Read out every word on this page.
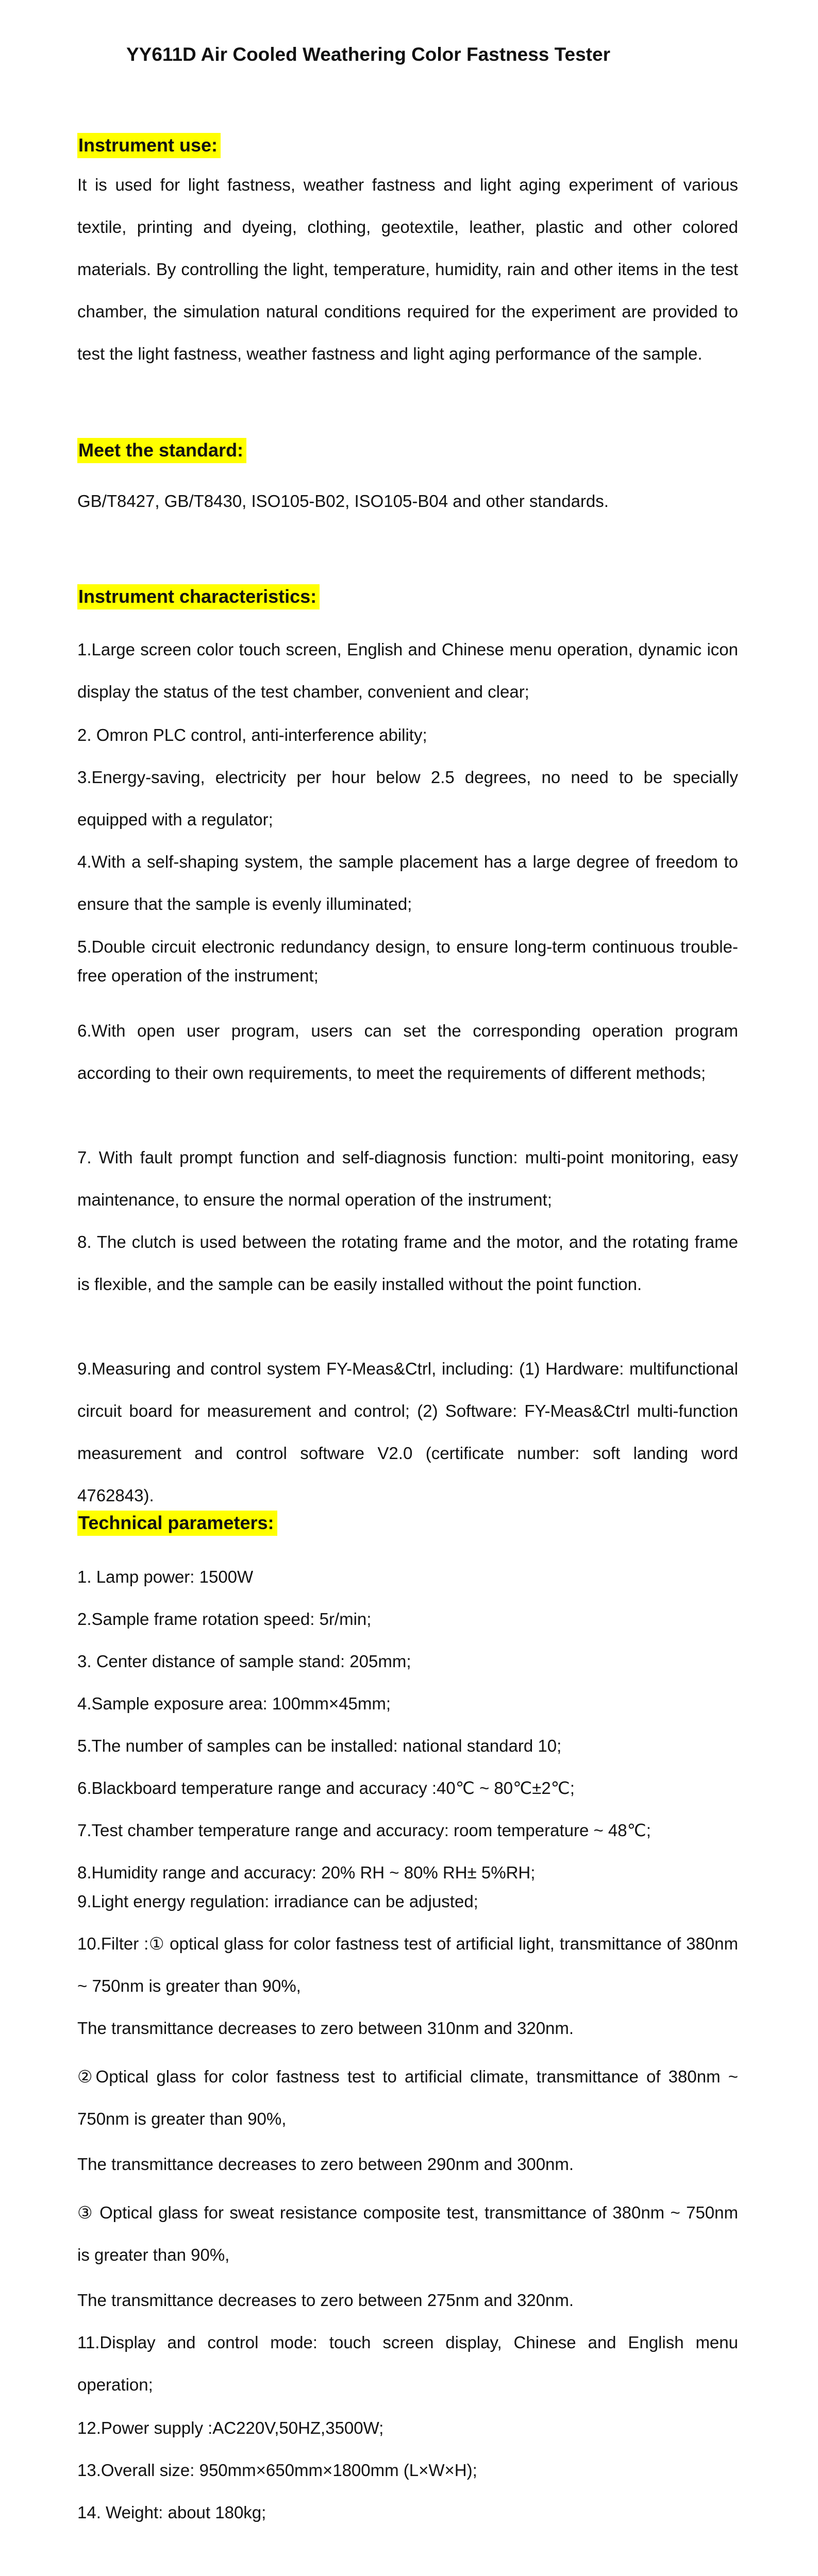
YY611D Air Cooled Weathering Color Fastness Tester
Instrument use:

It is used for light fastness, weather fastness and light aging experiment of various textile, printing and dyeing, clothing, geotextile, leather, plastic and other colored materials. By controlling the light, temperature, humidity, rain and other items in the test chamber, the simulation natural conditions required for the experiment are provided to test the light fastness, weather fastness and light aging performance of the sample.

Meet the standard:

GB/T8427, GB/T8430, ISO105-B02, ISO105-B04 and other standards.

Instrument characteristics:

1.Large screen color touch screen, English and Chinese menu operation, dynamic icon display the status of the test chamber, convenient and clear;

2. Omron PLC control, anti-interference ability;

3.Energy-saving, electricity per hour below 2.5 degrees, no need to be specially equipped with a regulator;

4.With a self-shaping system, the sample placement has a large degree of freedom to ensure that the sample is evenly illuminated;

5.Double circuit electronic redundancy design, to ensure long-term continuous trouble-free operation of the instrument;

6.With open user program, users can set the corresponding operation program according to their own requirements, to meet the requirements of different methods;

7. With fault prompt function and self-diagnosis function: multi-point monitoring, easy maintenance, to ensure the normal operation of the instrument;

8. The clutch is used between the rotating frame and the motor, and the rotating frame is flexible, and the sample can be easily installed without the point function.

9.Measuring and control system FY-Meas&Ctrl, including: (1) Hardware: multifunctional circuit board for measurement and control; (2) Software: FY-Meas&Ctrl multi-function measurement and control software V2.0 (certificate number: soft landing word 4762843).

Technical parameters:

1. Lamp power: 1500W

2.Sample frame rotation speed: 5r/min;

3. Center distance of sample stand: 205mm;

4.Sample exposure area: 100mm×45mm;

5.The number of samples can be installed: national standard 10;

6.Blackboard temperature range and accuracy :40℃ ~ 80℃±2℃;

7.Test chamber temperature range and accuracy: room temperature ~ 48℃;

8.Humidity range and accuracy: 20% RH ~ 80% RH± 5%RH;

9.Light energy regulation: irradiance can be adjusted;

10.Filter :① optical glass for color fastness test of artificial light, transmittance of 380nm ~ 750nm is greater than 90%,

The transmittance decreases to zero between 310nm and 320nm.

②Optical glass for color fastness test to artificial climate, transmittance of 380nm ~ 750nm is greater than 90%,

The transmittance decreases to zero between 290nm and 300nm.

③ Optical glass for sweat resistance composite test, transmittance of 380nm ~ 750nm is greater than 90%,

The transmittance decreases to zero between 275nm and 320nm.

11.Display and control mode: touch screen display, Chinese and English menu operation;

12.Power supply :AC220V,50HZ,3500W;

13.Overall size: 950mm×650mm×1800mm (L×W×H);

14. Weight: about 180kg;
